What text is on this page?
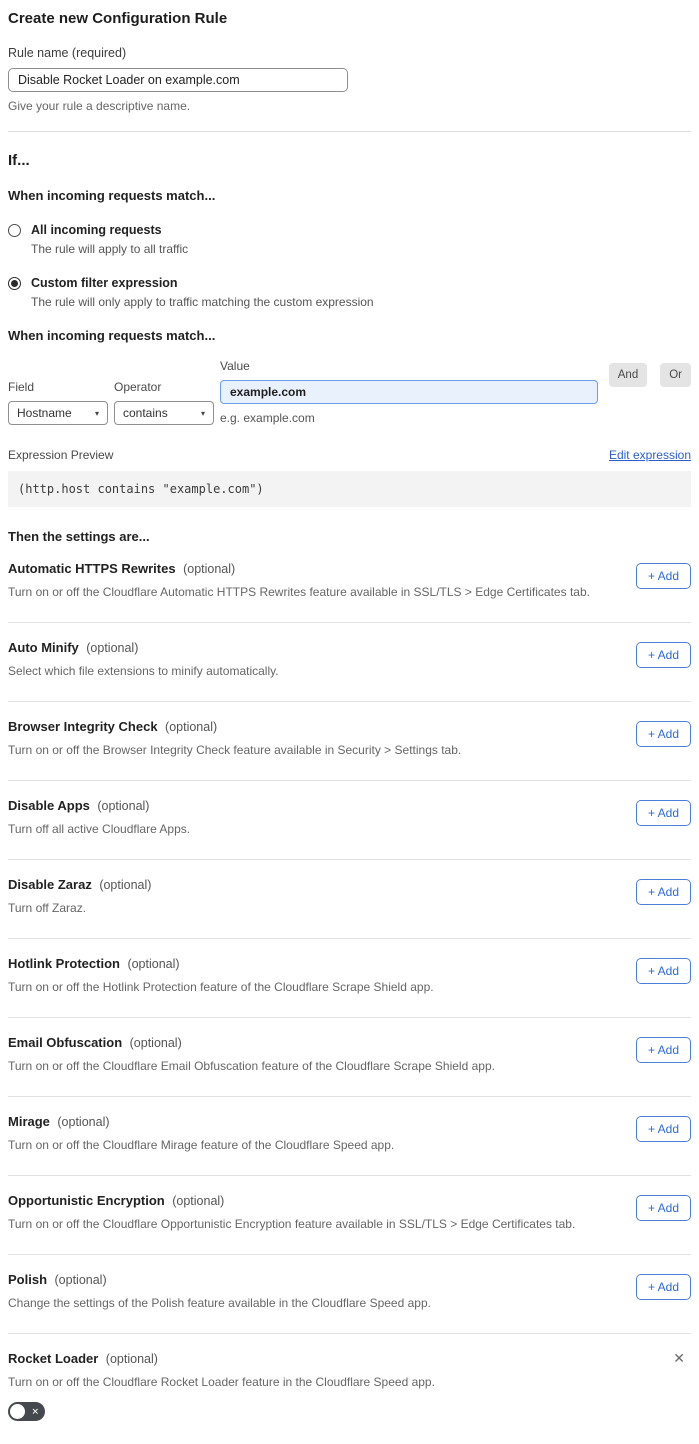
Create new Configuration Rule
Rule name (required)
Disable Rocket Loader on example.com
Give your rule a descriptive name.
If...
When incoming requests match...
All incoming requests
The rule will apply to all traffic
Custom filter expression
The rule will only apply to traffic matching the custom expression
When incoming requests match...
Field
Hostname	▾
Operator
contains	▾
Value
example.com
e.g. example.com
And	Or
Expression Preview	Edit expression
(http.host contains "example.com")
Then the settings are...
Automatic HTTPS Rewrites (optional)
Turn on or off the Cloudflare Automatic HTTPS Rewrites feature available in SSL/TLS > Edge Certificates tab.
+ Add
Auto Minify (optional)
Select which file extensions to minify automatically.
+ Add
Browser Integrity Check (optional)
Turn on or off the Browser Integrity Check feature available in Security > Settings tab.
+ Add
Disable Apps (optional)
Turn off all active Cloudflare Apps.
+ Add
Disable Zaraz (optional)
Turn off Zaraz.
+ Add
Hotlink Protection (optional)
Turn on or off the Hotlink Protection feature of the Cloudflare Scrape Shield app.
+ Add
Email Obfuscation (optional)
Turn on or off the Cloudflare Email Obfuscation feature of the Cloudflare Scrape Shield app.
+ Add
Mirage (optional)
Turn on or off the Cloudflare Mirage feature of the Cloudflare Speed app.
+ Add
Opportunistic Encryption (optional)
Turn on or off the Cloudflare Opportunistic Encryption feature available in SSL/TLS > Edge Certificates tab.
+ Add
Polish (optional)
Change the settings of the Polish feature available in the Cloudflare Speed app.
+ Add
✕
Rocket Loader (optional)
Turn on or off the Cloudflare Rocket Loader feature in the Cloudflare Speed app.
✕
